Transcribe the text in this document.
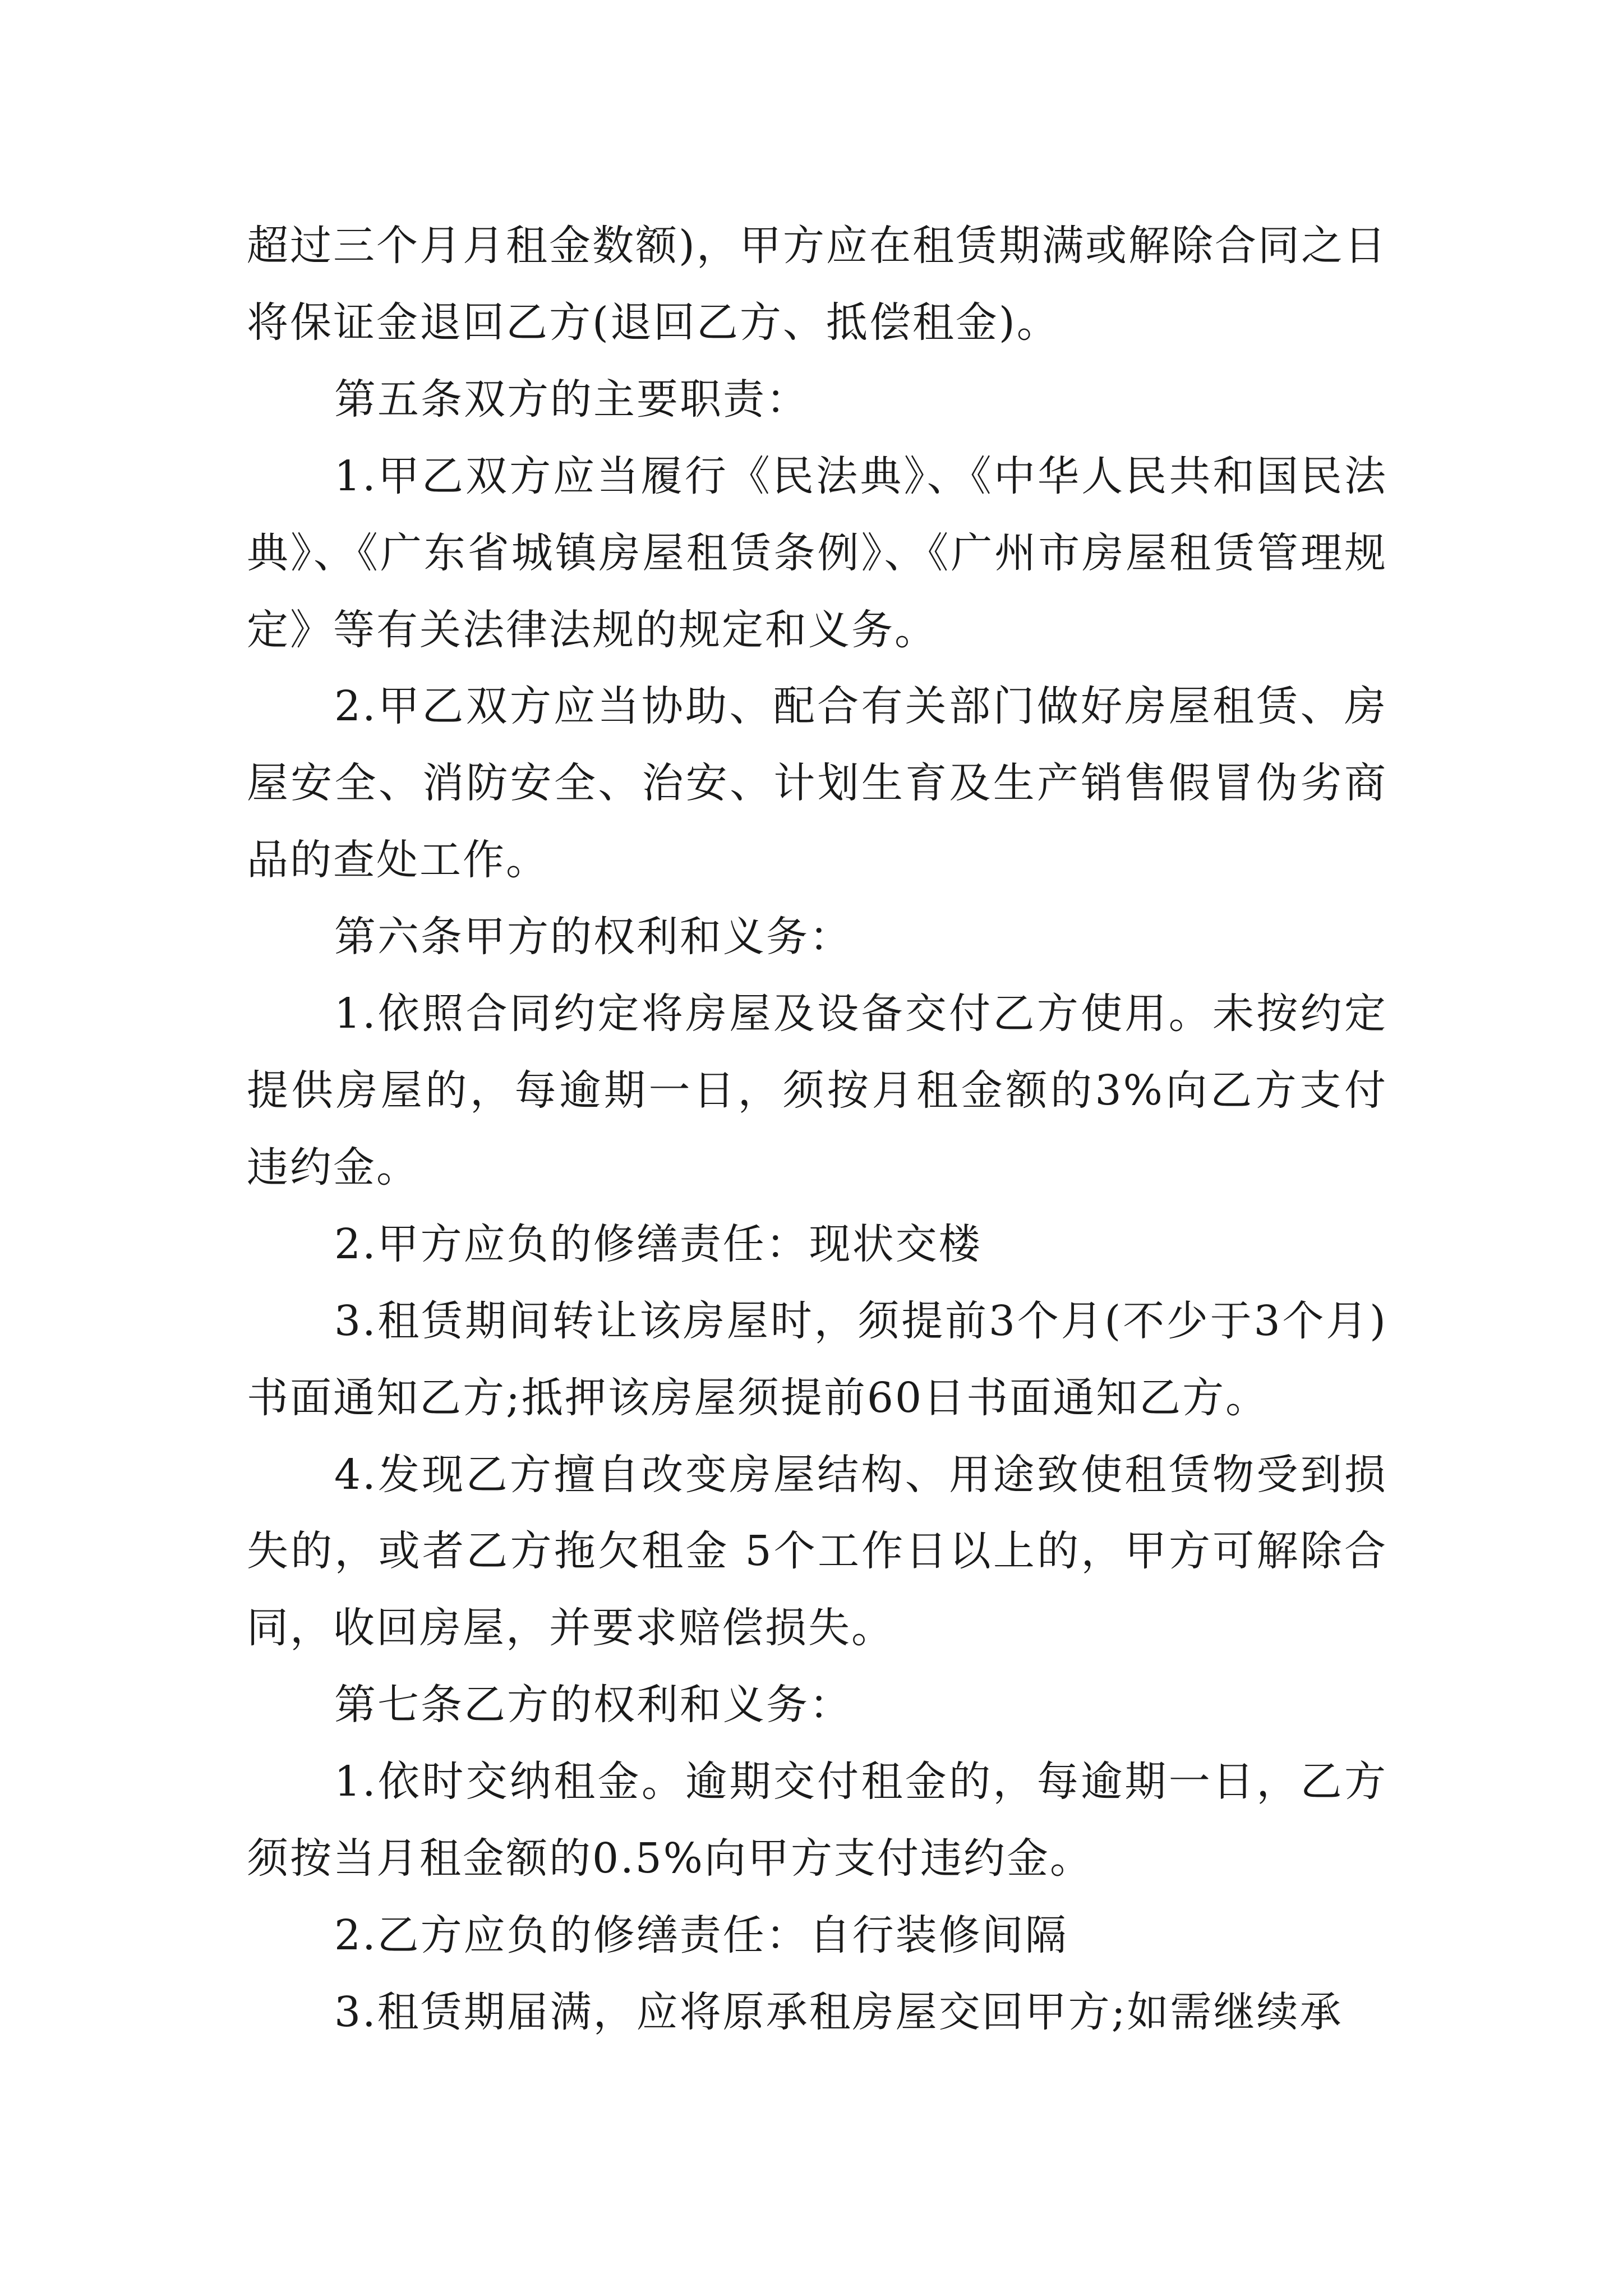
超过三个月月租金数额)，甲方应在租赁期满或解除合同之日将保证金退回乙方(退回乙方、抵偿租金)。

第五条双方的主要职责：

1.甲乙双方应当履行《民法典》、《中华人民共和国民法典》、《广东省城镇房屋租赁条例》、《广州市房屋租赁管理规定》等有关法律法规的规定和义务。

2.甲乙双方应当协助、配合有关部门做好房屋租赁、房屋安全、消防安全、治安、计划生育及生产销售假冒伪劣商品的查处工作。

第六条甲方的权利和义务：

1.依照合同约定将房屋及设备交付乙方使用。未按约定提供房屋的，每逾期一日，须按月租金额的3%向乙方支付违约金。

2.甲方应负的修缮责任：现状交楼

3.租赁期间转让该房屋时，须提前3个月(不少于3个月)书面通知乙方;抵押该房屋须提前60日书面通知乙方。

4.发现乙方擅自改变房屋结构、用途致使租赁物受到损失的，或者乙方拖欠租金 5个工作日以上的，甲方可解除合同，收回房屋，并要求赔偿损失。

第七条乙方的权利和义务：

1.依时交纳租金。逾期交付租金的，每逾期一日，乙方须按当月租金额的0.5%向甲方支付违约金。

2.乙方应负的修缮责任：自行装修间隔

3.租赁期届满，应将原承租房屋交回甲方;如需继续承
